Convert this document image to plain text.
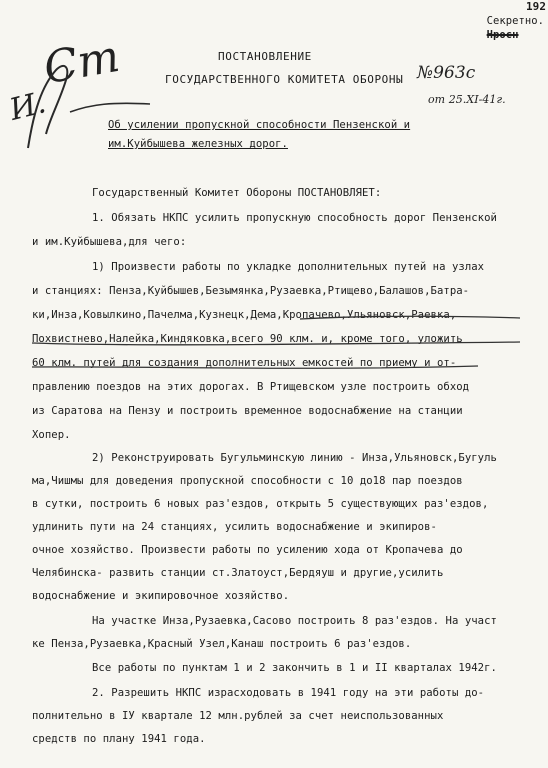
192
Секретно.
Нросн
ПОСТАНОВЛЕНИЕ
ГОСУДАРСТВЕННОГО КОМИТЕТА ОБОРОНЫ №963с
от 25.XI-41г.
Об усилении пропускной способности Пензенской и
им.Куйбышева железных дорог.
Государственный Комитет Обороны ПОСТАНОВЛЯЕТ:
1. Обязать НКПС усилить пропускную способность дорог Пензенской
и им.Куйбышева,для чего:
1) Произвести работы по укладке дополнительных путей на узлах
и станциях: Пенза,Куйбышев,Безымянка,Рузаевка,Ртищево,Балашов,Батра-
ки,Инза,Ковылкино,Пачелма,Кузнецк,Дема,Кропачево,Ульяновск,Раевка,
Похвистнево,Налейка,Киндяковка,всего 90 клм. и, кроме того, уложить
60 клм. путей для создания дополнительных емкостей по приему и от-
правлению поездов на этих дорогах. В Ртищевском узле построить обход
из Саратова на Пензу и построить временное водоснабжение на станции
Хопер.
2) Реконструировать Бугульминскую линию - Инза,Ульяновск,Бугуль
ма,Чишмы для доведения пропускной способности с 10 до18 пар поездов
в сутки, построить 6 новых раз'ездов, открыть 5 существующих раз'ездов,
удлинить пути на 24 станциях, усилить водоснабжение и экипиров-
очное хозяйство. Произвести работы по усилению хода от Кропачева до
Челябинска- развить станции ст.Златоуст,Бердяуш и другие,усилить
водоснабжение и экипировочное хозяйство.
На участке Инза,Рузаевка,Сасово построить 8 раз'ездов. На участ
ке Пенза,Рузаевка,Красный Узел,Канаш построить 6 раз'ездов.
Все работы по пунктам 1 и 2 закончить в 1 и II кварталах 1942г.
2. Разрешить НКПС израсходовать в 1941 году на эти работы до-
полнительно в IУ квартале 12 млн.рублей за счет неиспользованных
средств по плану 1941 года.
И.
Ст
